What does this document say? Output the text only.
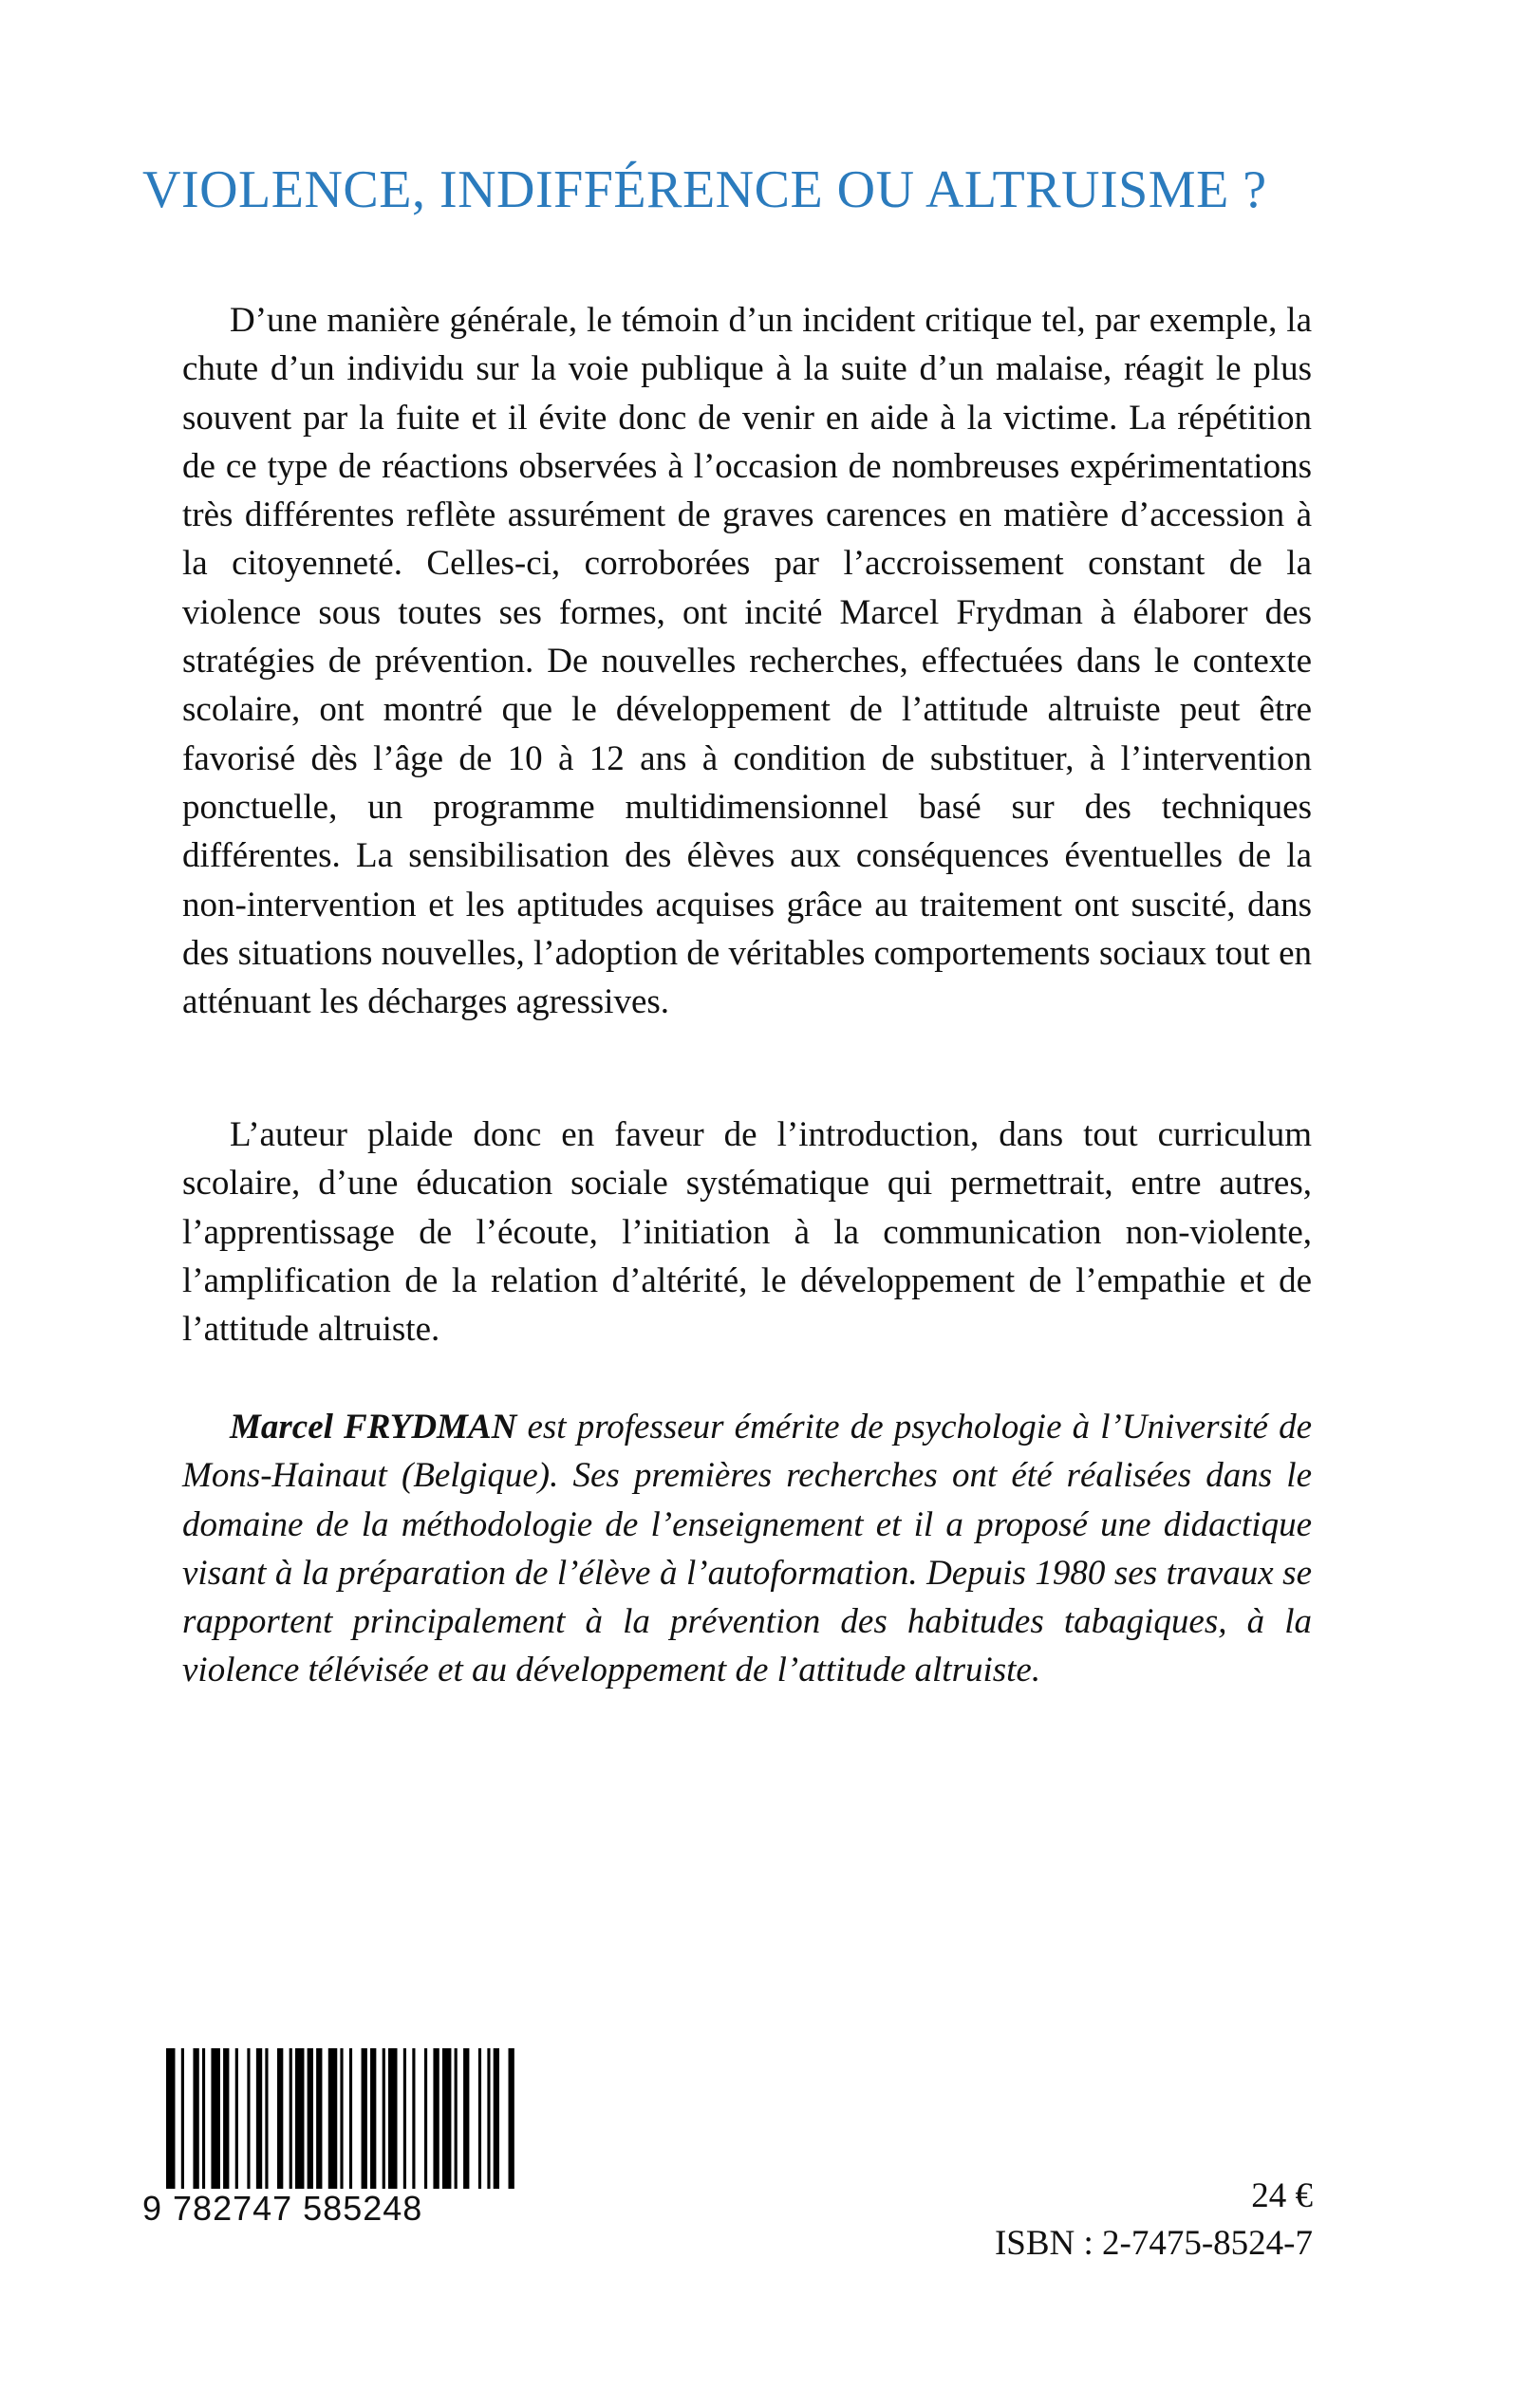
VIOLENCE, INDIFFÉRENCE OU ALTRUISME ?

D’une manière générale, le témoin d’un incident critique tel, par exemple, la chute d’un individu sur la voie publique à la suite d’un malaise, réagit le plus souvent par la fuite et il évite donc de venir en aide à la victime. La répétition de ce type de réactions observées à l’occasion de nombreuses expérimentations très différentes reflète assurément de graves carences en matière d’accession à la citoyenneté. Celles-ci, corroborées par l’accroissement constant de la violence sous toutes ses formes, ont incité Marcel Frydman à élaborer des stratégies de prévention. De nouvelles recherches, effectuées dans le contexte scolaire, ont montré que le développement de l’attitude altruiste peut être favorisé dès l’âge de 10 à 12 ans à condition de substituer, à l’intervention ponctuelle, un programme multidimensionnel basé sur des techniques différentes. La sensibilisation des élèves aux conséquences éventuelles de la non-intervention et les aptitudes acquises grâce au traitement ont suscité, dans des situations nouvelles, l’adoption de véritables comportements sociaux tout en atténuant les décharges agressives.

L’auteur plaide donc en faveur de l’introduction, dans tout curriculum scolaire, d’une éducation sociale systématique qui permettrait, entre autres, l’apprentissage de l’écoute, l’initiation à la communication non-violente, l’amplification de la relation d’altérité, le développement de l’empathie et de l’attitude altruiste.

Marcel FRYDMAN est professeur émérite de psychologie à l’Université de Mons-Hainaut (Belgique). Ses premières recherches ont été réalisées dans le domaine de la méthodologie de l’enseignement et il a proposé une didactique visant à la préparation de l’élève à l’autoformation. Depuis 1980 ses travaux se rapportent principalement à la prévention des habitudes tabagiques, à la violence télévisée et au développement de l’attitude altruiste.

9 782747 585248	24 €
ISBN : 2-7475-8524-7
